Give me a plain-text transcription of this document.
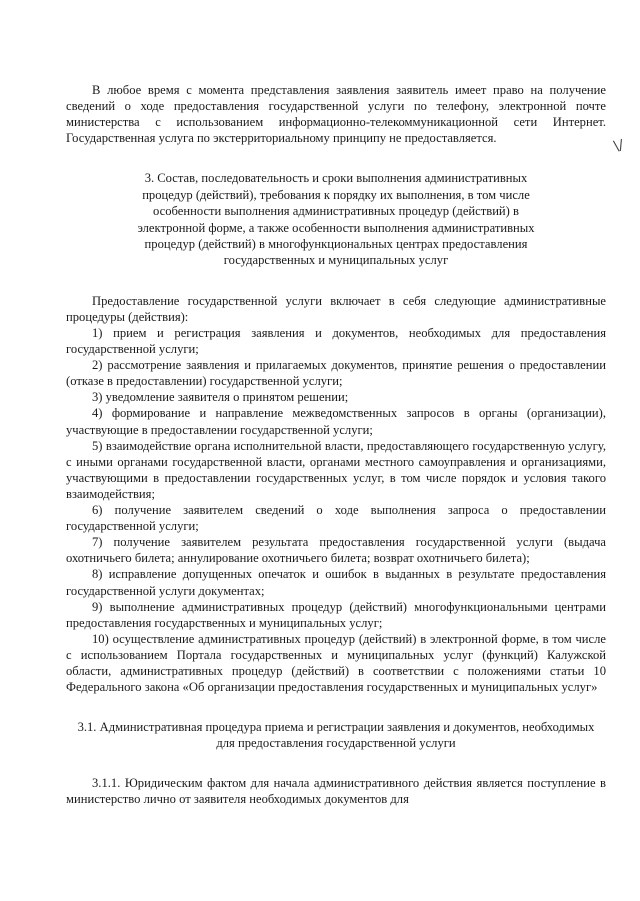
\/

В любое время с момента представления заявления заявитель имеет право на получение сведений о ходе предоставления государственной услуги по телефону, электронной почте министерства с использованием информационно-телекоммуникационной сети Интернет. Государственная услуга по экстерриториальному принципу не предоставляется.

3. Состав, последовательность и сроки выполнения административных процедур (действий), требования к порядку их выполнения, в том числе особенности выполнения административных процедур (действий) в электронной форме, а также особенности выполнения административных процедур (действий) в многофункциональных центрах предоставления государственных и муниципальных услуг

Предоставление государственной услуги включает в себя следующие административные процедуры (действия):

1) прием и регистрация заявления и документов, необходимых для предоставления государственной услуги;

2) рассмотрение заявления и прилагаемых документов, принятие решения о предоставлении (отказе в предоставлении) государственной услуги;

3) уведомление заявителя о принятом решении;

4) формирование и направление межведомственных запросов в органы (организации), участвующие в предоставлении государственной услуги;

5) взаимодействие органа исполнительной власти, предоставляющего государственную услугу, с иными органами государственной власти, органами местного самоуправления и организациями, участвующими в предоставлении государственных услуг, в том числе порядок и условия такого взаимодействия;

6) получение заявителем сведений о ходе выполнения запроса о предоставлении государственной услуги;

7) получение заявителем результата предоставления государственной услуги (выдача охотничьего билета; аннулирование охотничьего билета; возврат охотничьего билета);

8) исправление допущенных опечаток и ошибок в выданных в результате предоставления государственной услуги документах;

9) выполнение административных процедур (действий) многофункциональными центрами предоставления государственных и муниципальных услуг;

10) осуществление административных процедур (действий) в электронной форме, в том числе с использованием Портала государственных и муниципальных услуг (функций) Калужской области, административных процедур (действий) в соответствии с положениями статьи 10 Федерального закона «Об организации предоставления государственных и муниципальных услуг»

3.1. Административная процедура приема и регистрации заявления и документов, необходимых для предоставления государственной услуги

3.1.1. Юридическим фактом для начала административного действия является поступление в министерство лично от заявителя необходимых документов для
